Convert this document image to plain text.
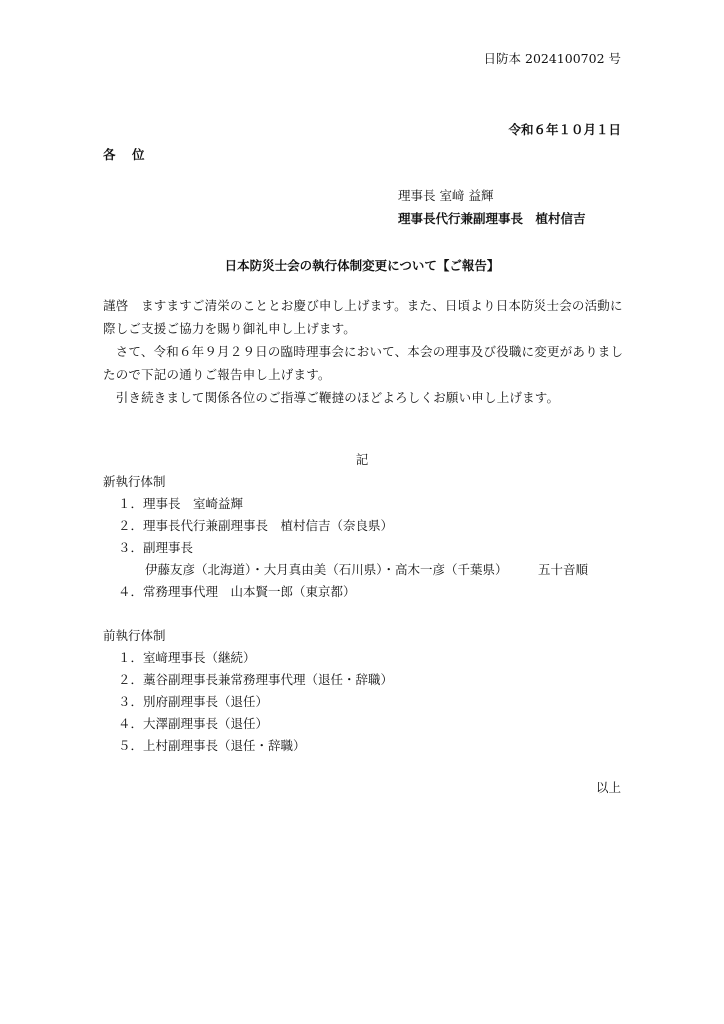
日防本 2024100702 号
令和６年１０月１日
各　位
理事長 室﨑 益輝
理事長代行兼副理事長　植村信吉
日本防災士会の執行体制変更について【ご報告】
謹啓　ますますご清栄のこととお慶び申し上げます。また、日頃より日本防災士会の活動に際しご支援ご協力を賜り御礼申し上げます。
　さて、令和６年９月２９日の臨時理事会において、本会の理事及び役職に変更がありましたので下記の通りご報告申し上げます。
　引き続きまして関係各位のご指導ご鞭撻のほどよろしくお願い申し上げます。
記
新執行体制
１．理事長　室崎益輝
２．理事長代行兼副理事長　植村信吉（奈良県）
３．副理事長
伊藤友彦（北海道）・大月真由美（石川県）・高木一彦（千葉県） 五十音順
４．常務理事代理　山本賢一郎（東京都）
前執行体制
１．室﨑理事長（継続）
２．藁谷副理事長兼常務理事代理（退任・辞職）
３．別府副理事長（退任）
４．大澤副理事長（退任）
５．上村副理事長（退任・辞職）
以上
